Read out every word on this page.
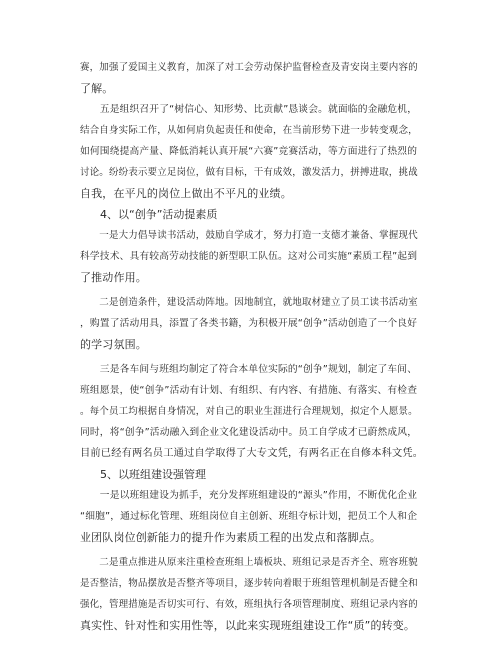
赛，加强了爱国主义教育，加深了对工会劳动保护监督检查及青安岗主要内容的
了解。
　　五是组织召开了“树信心、知形势、比贡献”恳谈会。就面临的金融危机，
结合自身实际工作，从如何肩负起责任和使命，在当前形势下进一步转变观念，
如何围绕提高产量、降低消耗认真开展“六赛”竞赛活动，等方面进行了热烈的
讨论。纷纷表示要立足岗位，做有目标，干有成效，激发活力，拼搏进取，挑战
自我，在平凡的岗位上做出不平凡的业绩。
4、以“创争”活动提素质
　　一是大力倡导读书活动，鼓励自学成才，努力打造一支德才兼备、掌握现代
科学技术、具有较高劳动技能的新型职工队伍。这对公司实施“素质工程”起到
了推动作用。
　　二是创造条件，建设活动阵地。因地制宜，就地取材建立了员工读书活动室
，购置了活动用具，添置了各类书籍，为积极开展“创争”活动创造了一个良好
的学习氛围。
　　三是各车间与班组均制定了符合本单位实际的“创争”规划，制定了车间、
班组愿景，使“创争”活动有计划、有组织、有内容、有措施、有落实、有检查
。每个员工均根据自身情况，对自己的职业生涯进行合理规划，拟定个人愿景。
同时，将“创争”活动融入到企业文化建设活动中。员工自学成才已蔚然成风，
目前已经有两名员工通过自学取得了大专文凭，有两名正在自修本科文凭。
5、以班组建设强管理
　　一是以班组建设为抓手，充分发挥班组建设的“源头”作用，不断优化企业
“细胞”，通过标化管理、班组岗位自主创新、班组夺标计划，把员工个人和企
业团队岗位创新能力的提升作为素质工程的出发点和落脚点。
　　二是重点推进从原来注重检查班组上墙板块、班组记录是否齐全、班容班貌
是否整洁，物品摆放是否整齐等项目，逐步转向着眼于班组管理机制是否健全和
强化，管理措施是否切实可行、有效，班组执行各项管理制度、班组记录内容的
真实性、针对性和实用性等，以此来实现班组建设工作“质”的转变。
